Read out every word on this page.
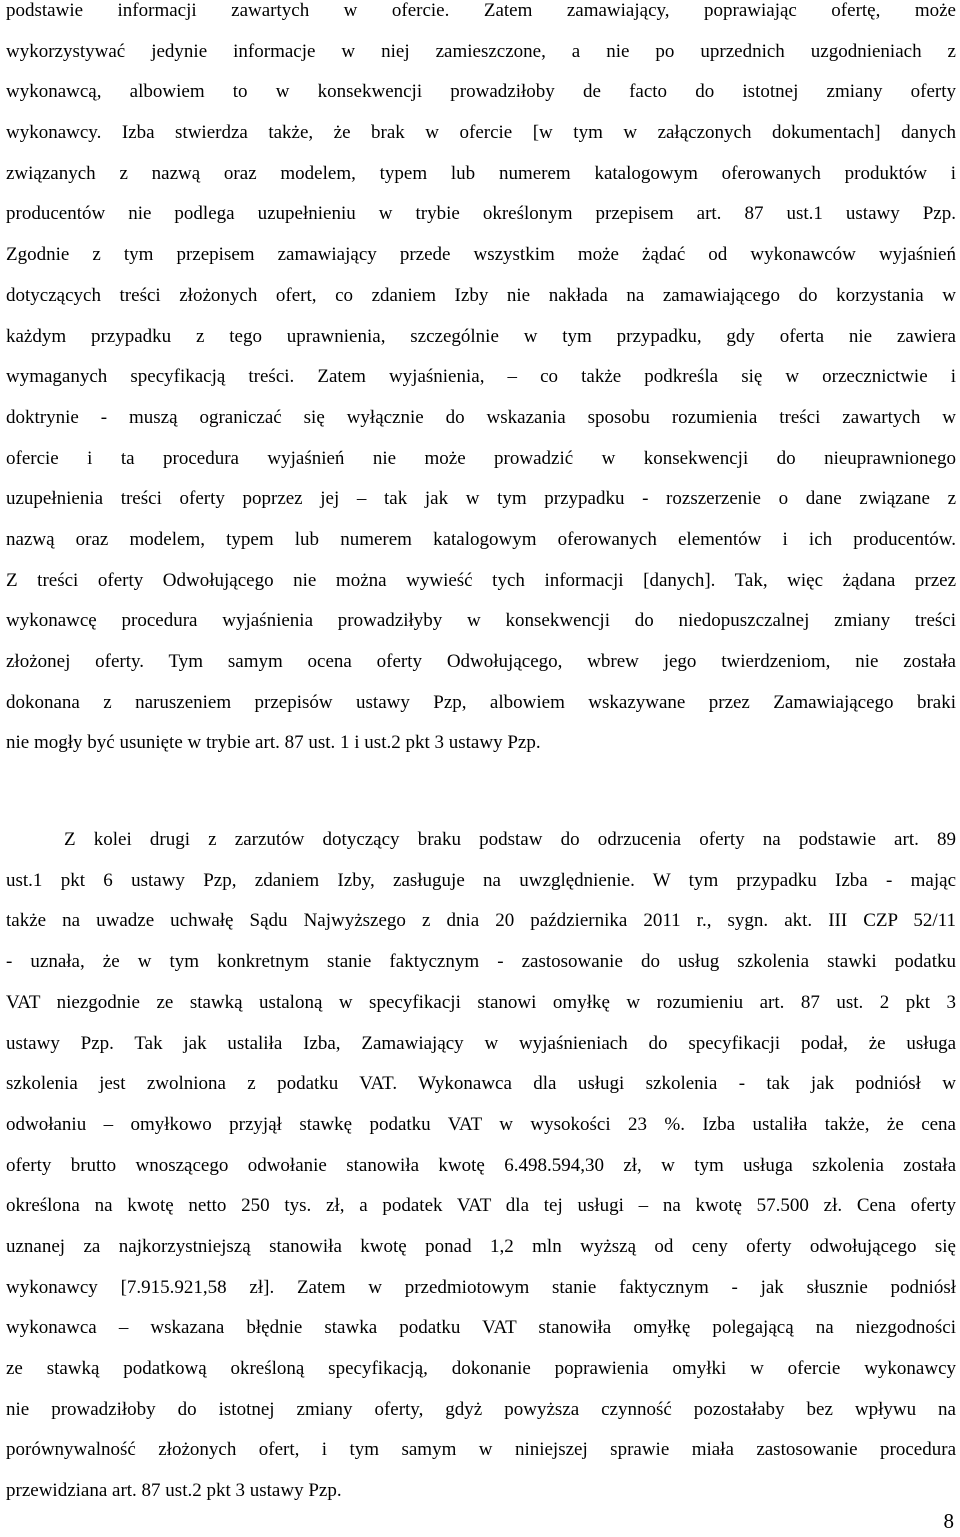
podstawie informacji zawartych w ofercie. Zatem zamawiający, poprawiając ofertę, może
wykorzystywać jedynie informacje w niej zamieszczone, a nie po uprzednich uzgodnieniach z
wykonawcą, albowiem to w konsekwencji prowadziłoby de facto do istotnej zmiany oferty
wykonawcy. Izba stwierdza także, że brak w ofercie [w tym w załączonych dokumentach] danych
związanych z nazwą oraz modelem, typem lub numerem katalogowym oferowanych produktów i
producentów nie podlega uzupełnieniu w trybie określonym przepisem art. 87 ust.1 ustawy Pzp.
Zgodnie z tym przepisem zamawiający przede wszystkim może żądać od wykonawców wyjaśnień
dotyczących treści złożonych ofert, co zdaniem Izby nie nakłada na zamawiającego do korzystania w
każdym przypadku z tego uprawnienia, szczególnie w tym przypadku, gdy oferta nie zawiera
wymaganych specyfikacją treści. Zatem wyjaśnienia, – co także podkreśla się w orzecznictwie i
doktrynie - muszą ograniczać się wyłącznie do wskazania sposobu rozumienia treści zawartych w
ofercie i ta procedura wyjaśnień nie może prowadzić w konsekwencji do nieuprawnionego
uzupełnienia treści oferty poprzez jej – tak jak w tym przypadku - rozszerzenie o dane związane z
nazwą oraz modelem, typem lub numerem katalogowym oferowanych elementów i ich producentów.
Z treści oferty Odwołującego nie można wywieść tych informacji [danych]. Tak, więc żądana przez
wykonawcę procedura wyjaśnienia prowadziłyby w konsekwencji do niedopuszczalnej zmiany treści
złożonej oferty. Tym samym ocena oferty Odwołującego, wbrew jego twierdzeniom, nie została
dokonana z naruszeniem przepisów ustawy Pzp, albowiem wskazywane przez Zamawiającego braki
nie mogły być usunięte w trybie art. 87 ust. 1 i ust.2 pkt 3 ustawy Pzp.
Z kolei drugi z zarzutów dotyczący braku podstaw do odrzucenia oferty na podstawie art. 89
ust.1 pkt 6 ustawy Pzp, zdaniem Izby, zasługuje na uwzględnienie. W tym przypadku Izba - mając
także na uwadze uchwałę Sądu Najwyższego z dnia 20 października 2011 r., sygn. akt. III CZP 52/11
- uznała, że w tym konkretnym stanie faktycznym - zastosowanie do usług szkolenia stawki podatku
VAT niezgodnie ze stawką ustaloną w specyfikacji stanowi omyłkę w rozumieniu art. 87 ust. 2 pkt 3
ustawy Pzp. Tak jak ustaliła Izba, Zamawiający w wyjaśnieniach do specyfikacji podał, że usługa
szkolenia jest zwolniona z podatku VAT. Wykonawca dla usługi szkolenia - tak jak podniósł w
odwołaniu – omyłkowo przyjął stawkę podatku VAT w wysokości 23 %. Izba ustaliła także, że cena
oferty brutto wnoszącego odwołanie stanowiła kwotę 6.498.594,30 zł, w tym usługa szkolenia została
określona na kwotę netto 250 tys. zł, a podatek VAT dla tej usługi – na kwotę 57.500 zł. Cena oferty
uznanej za najkorzystniejszą stanowiła kwotę ponad 1,2 mln wyższą od ceny oferty odwołującego się
wykonawcy [7.915.921,58 zł]. Zatem w przedmiotowym stanie faktycznym - jak słusznie podniósł
wykonawca – wskazana błędnie stawka podatku VAT stanowiła omyłkę polegającą na niezgodności
ze stawką podatkową określoną specyfikacją, dokonanie poprawienia omyłki w ofercie wykonawcy
nie prowadziłoby do istotnej zmiany oferty, gdyż powyższa czynność pozostałaby bez wpływu na
porównywalność złożonych ofert, i tym samym w niniejszej sprawie miała zastosowanie procedura
przewidziana art. 87 ust.2 pkt 3 ustawy Pzp.
8
